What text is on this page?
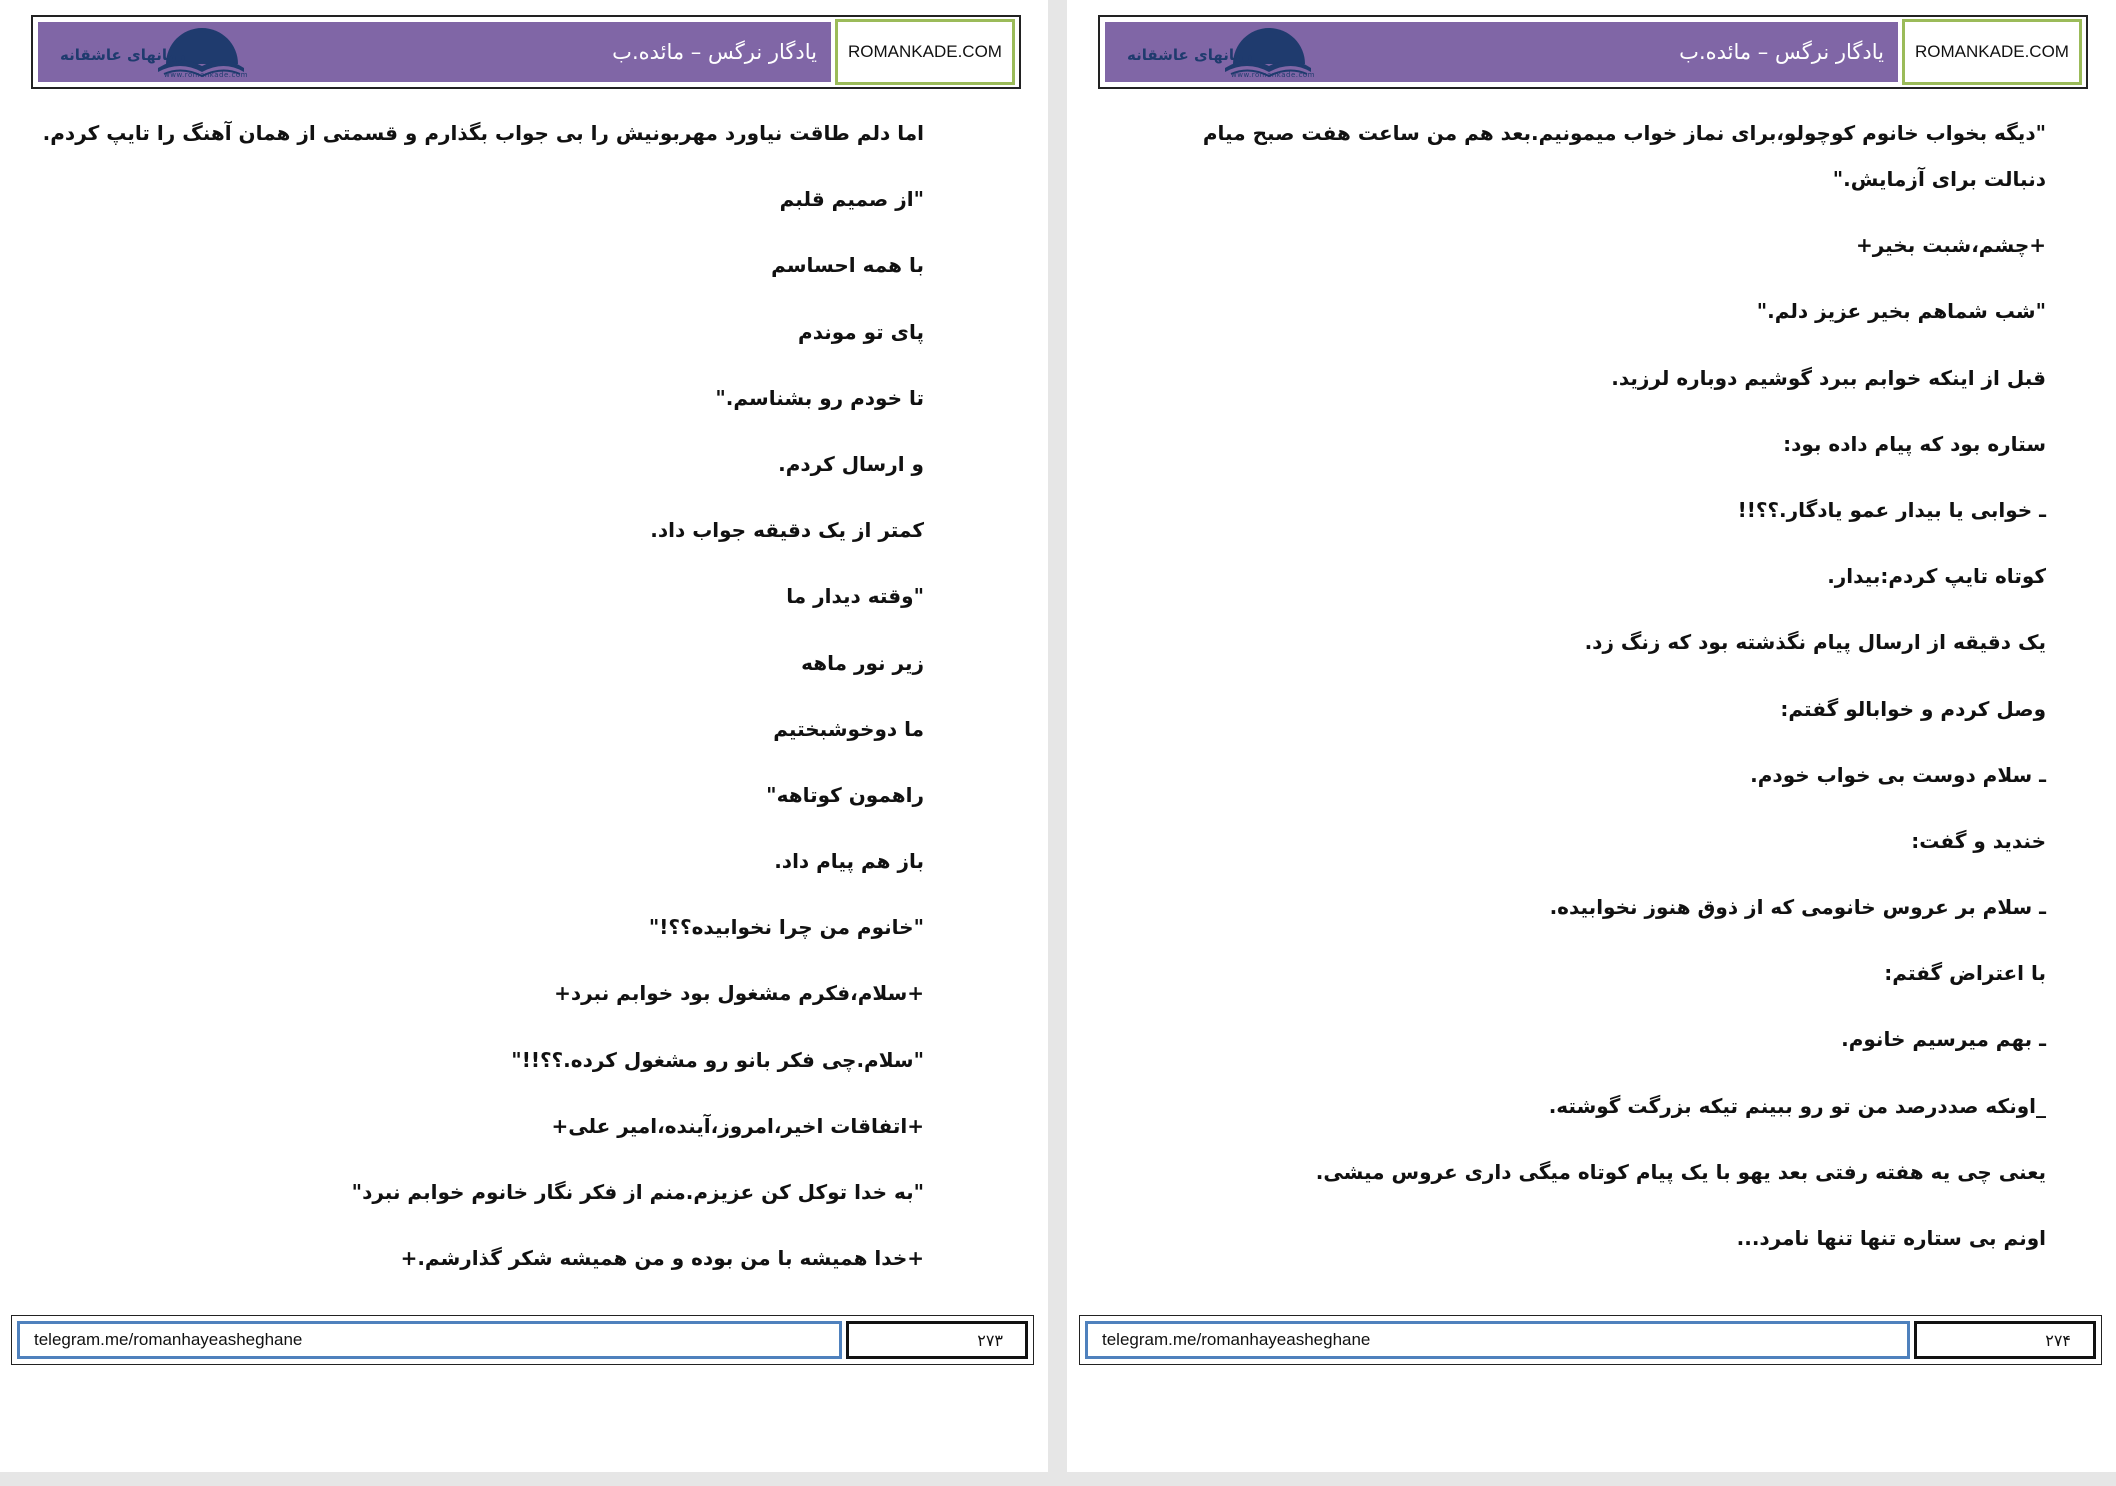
رمانهای عاشقانه
www.romankade.com
یادگار نرگس – مائده.ب	ROMANKADE.COM

اما دلم طاقت نیاورد مهربونیش را بی جواب بگذارم و قسمتی از همان آهنگ را تایپ کردم.

"از صمیم قلبم

با همه احساسم

پای تو موندم

تا خودم رو بشناسم."

و ارسال کردم.

کمتر از یک دقیقه جواب داد.

"وقته دیدار ما

زیر نور ماهه

ما دوخوشبختیم

راهمون کوتاهه"

باز هم پیام داد.

"خانوم من چرا نخوابیده؟؟!"

+سلام،فکرم مشغول بود خوابم نبرد+

"سلام.چی فکر بانو رو مشغول کرده.؟؟!!"

+اتفاقات اخیر،امروز،آینده،امیر علی+

"به خدا توکل کن عزیزم.منم از فکر نگار خانوم خوابم نبرد"

+خدا همیشه با من بوده و من همیشه شکر گذارشم.+

telegram.me/romanhayeasheghane	۲۷۳
رمانهای عاشقانه
www.romankade.com
یادگار نرگس – مائده.ب	ROMANKADE.COM

"دیگه بخواب خانوم کوچولو،برای نماز خواب میمونیم.بعد هم من ساعت هفت صبح میام دنبالت برای آزمایش."

+چشم،شبت بخیر+

"شب شماهم بخیر عزیز دلم."

قبل از اینکه خوابم ببرد گوشیم دوباره لرزید.

ستاره بود که پیام داده بود:

ـ خوابی یا بیدار عمو یادگار.؟؟!!

کوتاه تایپ کردم:بیدار.

یک دقیقه از ارسال پیام نگذشته بود که زنگ زد.

وصل کردم و خوابالو گفتم:

ـ سلام دوست بی خواب خودم.

خندید و گفت:

ـ سلام بر عروس خانومی که از ذوق هنوز نخوابیده.

با اعتراض گفتم:

ـ بهم میرسیم خانوم.

_اونکه صددرصد من تو رو ببینم تیکه بزرگت گوشته.

یعنی چی یه هفته رفتی بعد یهو با یک پیام کوتاه میگی داری عروس میشی.

اونم بی ستاره تنها تنها نامرد...

telegram.me/romanhayeasheghane	۲۷۴
